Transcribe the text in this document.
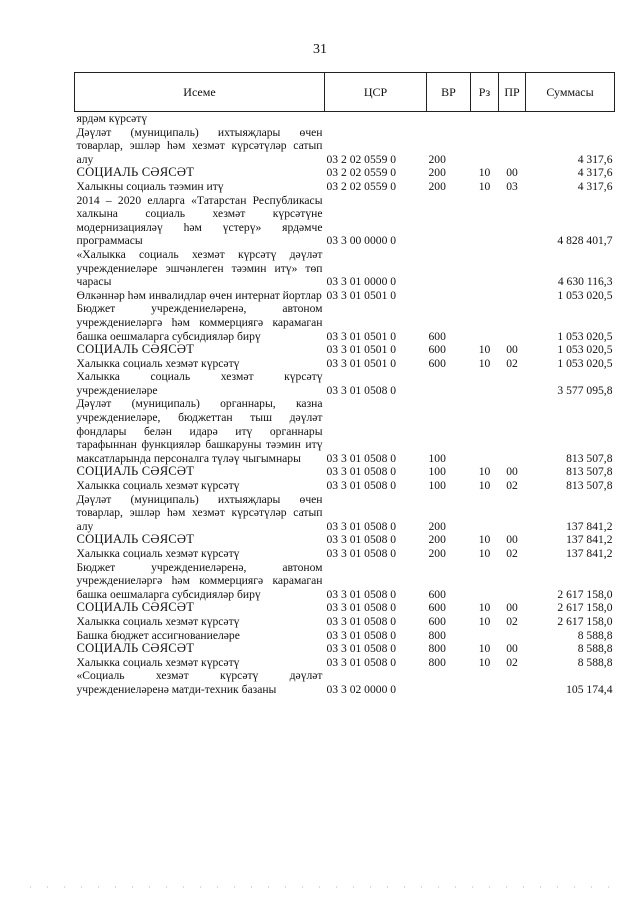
31
Исеме	ЦСР	ВР	Рз	ПР	Суммасы
ярдәм күрсәтү					
Дәүләт (муниципаль) ихтыяҗлары өчен товарлар, эшләр һәм хезмәт күрсәтүләр сатып алу	03 2 02 0559 0	200			4 317,6
СОЦИАЛЬ СӘЯСӘТ	03 2 02 0559 0	200	10	00	4 317,6
Халыкны социаль тәэмин итү	03 2 02 0559 0	200	10	03	4 317,6
2014 – 2020 елларга «Татарстан Республикасы халкына социаль хезмәт күрсәтүне модернизацияләү һәм үстерү» ярдәмче программасы	03 3 00 0000 0				4 828 401,7
«Халыкка социаль хезмәт күрсәтү дәүләт учреждениеләре эшчәнлеген тәэмин итү» төп чарасы	03 3 01 0000 0				4 630 116,3
Өлкәннәр һәм инвалидлар өчен интернат йортлар	03 3 01 0501 0				1 053 020,5
Бюджет учреждениеләренә, автоном учреждениеләргә һәм коммерциягә карамаган башка оешмаларга субсидияләр бирү	03 3 01 0501 0	600			1 053 020,5
СОЦИАЛЬ СӘЯСӘТ	03 3 01 0501 0	600	10	00	1 053 020,5
Халыкка социаль хезмәт күрсәтү	03 3 01 0501 0	600	10	02	1 053 020,5
Халыкка социаль хезмәт күрсәтү учреждениеләре	03 3 01 0508 0				3 577 095,8
Дәүләт (муниципаль) органнары, казна учреждениеләре, бюджеттан тыш дәүләт фондлары белән идарә итү органнары тарафыннан функцияләр башкаруны тәэмин итү максатларында персоналга түләү чыгымнары	03 3 01 0508 0	100			813 507,8
СОЦИАЛЬ СӘЯСӘТ	03 3 01 0508 0	100	10	00	813 507,8
Халыкка социаль хезмәт күрсәтү	03 3 01 0508 0	100	10	02	813 507,8
Дәүләт (муниципаль) ихтыяҗлары өчен товарлар, эшләр һәм хезмәт күрсәтүләр сатып алу	03 3 01 0508 0	200			137 841,2
СОЦИАЛЬ СӘЯСӘТ	03 3 01 0508 0	200	10	00	137 841,2
Халыкка социаль хезмәт күрсәтү	03 3 01 0508 0	200	10	02	137 841,2
Бюджет учреждениеләренә, автоном учреждениеләргә һәм коммерциягә карамаган башка оешмаларга субсидияләр бирү	03 3 01 0508 0	600			2 617 158,0
СОЦИАЛЬ СӘЯСӘТ	03 3 01 0508 0	600	10	00	2 617 158,0
Халыкка социаль хезмәт күрсәтү	03 3 01 0508 0	600	10	02	2 617 158,0
Башка бюджет ассигнованиеләре	03 3 01 0508 0	800			8 588,8
СОЦИАЛЬ СӘЯСӘТ	03 3 01 0508 0	800	10	00	8 588,8
Халыкка социаль хезмәт күрсәтү	03 3 01 0508 0	800	10	02	8 588,8
«Социаль хезмәт күрсәтү дәүләт учреждениеләренә матди-техник базаны	03 3 02 0000 0				105 174,4
